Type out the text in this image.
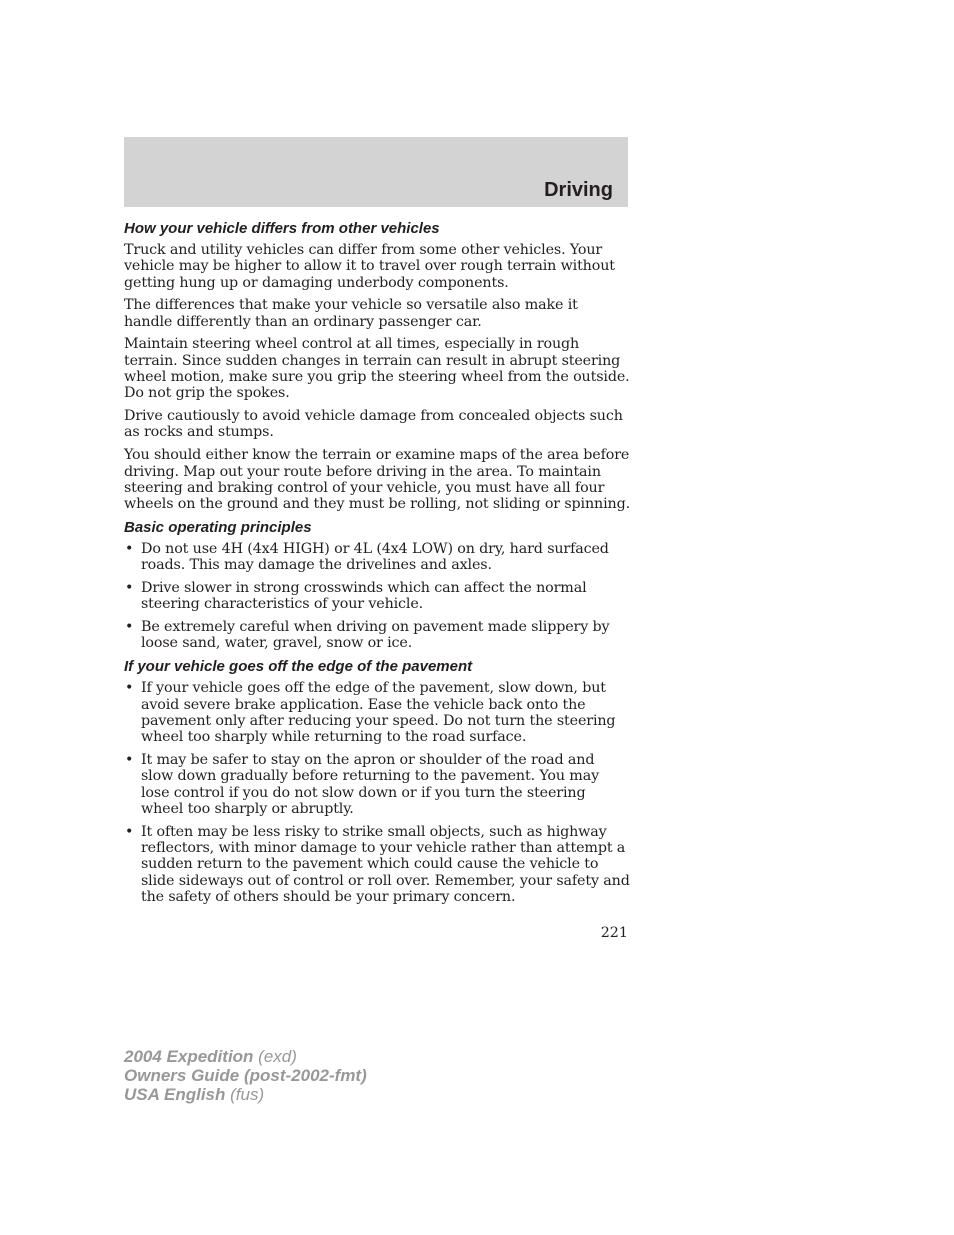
Driving
How your vehicle differs from other vehicles

Truck and utility vehicles can differ from some other vehicles. Your vehicle may be higher to allow it to travel over rough terrain without getting hung up or damaging underbody components.

The differences that make your vehicle so versatile also make it handle differently than an ordinary passenger car.

Maintain steering wheel control at all times, especially in rough terrain. Since sudden changes in terrain can result in abrupt steering wheel motion, make sure you grip the steering wheel from the outside. Do not grip the spokes.

Drive cautiously to avoid vehicle damage from concealed objects such as rocks and stumps.

You should either know the terrain or examine maps of the area before driving. Map out your route before driving in the area. To maintain steering and braking control of your vehicle, you must have all four wheels on the ground and they must be rolling, not sliding or spinning.

Basic operating principles
• Do not use 4H (4x4 HIGH) or 4L (4x4 LOW) on dry, hard surfaced roads. This may damage the drivelines and axles.
• Drive slower in strong crosswinds which can affect the normal steering characteristics of your vehicle.
• Be extremely careful when driving on pavement made slippery by loose sand, water, gravel, snow or ice.
If your vehicle goes off the edge of the pavement
• If your vehicle goes off the edge of the pavement, slow down, but avoid severe brake application. Ease the vehicle back onto the pavement only after reducing your speed. Do not turn the steering wheel too sharply while returning to the road surface.
• It may be safer to stay on the apron or shoulder of the road and slow down gradually before returning to the pavement. You may lose control if you do not slow down or if you turn the steering wheel too sharply or abruptly.
• It often may be less risky to strike small objects, such as highway reflectors, with minor damage to your vehicle rather than attempt a sudden return to the pavement which could cause the vehicle to slide sideways out of control or roll over. Remember, your safety and the safety of others should be your primary concern.
221
2004 Expedition (exd)
Owners Guide (post-2002-fmt)
USA English (fus)
